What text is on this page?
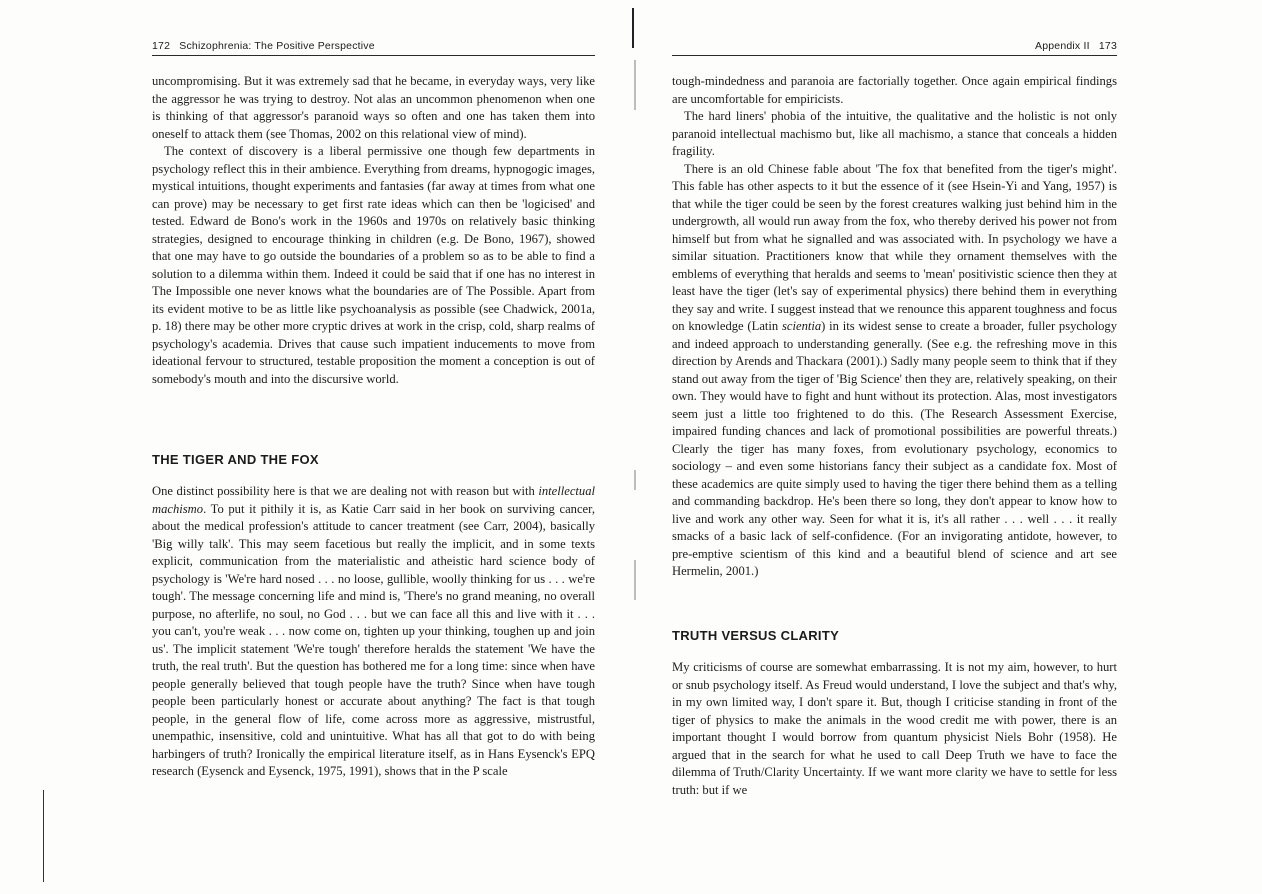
172 Schizophrenia: The Positive Perspective

uncompromising. But it was extremely sad that he became, in everyday ways, very like the aggressor he was trying to destroy. Not alas an uncommon phenomenon when one is thinking of that aggressor's paranoid ways so often and one has taken them into oneself to attack them (see Thomas, 2002 on this relational view of mind).

The context of discovery is a liberal permissive one though few departments in psychology reflect this in their ambience. Everything from dreams, hypnogogic images, mystical intuitions, thought experiments and fantasies (far away at times from what one can prove) may be necessary to get first rate ideas which can then be 'logicised' and tested. Edward de Bono's work in the 1960s and 1970s on relatively basic thinking strategies, designed to encourage thinking in children (e.g. De Bono, 1967), showed that one may have to go outside the boundaries of a problem so as to be able to find a solution to a dilemma within them. Indeed it could be said that if one has no interest in The Impossible one never knows what the boundaries are of The Possible. Apart from its evident motive to be as little like psychoanalysis as possible (see Chadwick, 2001a, p. 18) there may be other more cryptic drives at work in the crisp, cold, sharp realms of psychology's academia. Drives that cause such impatient inducements to move from ideational fervour to structured, testable proposition the moment a conception is out of somebody's mouth and into the discursive world.

THE TIGER AND THE FOX

One distinct possibility here is that we are dealing not with reason but with intellectual machismo. To put it pithily it is, as Katie Carr said in her book on surviving cancer, about the medical profession's attitude to cancer treatment (see Carr, 2004), basically 'Big willy talk'. This may seem facetious but really the implicit, and in some texts explicit, communication from the materialistic and atheistic hard science body of psychology is 'We're hard nosed . . . no loose, gullible, woolly thinking for us . . . we're tough'. The message concerning life and mind is, 'There's no grand meaning, no overall purpose, no afterlife, no soul, no God . . . but we can face all this and live with it . . . you can't, you're weak . . . now come on, tighten up your thinking, toughen up and join us'. The implicit statement 'We're tough' therefore heralds the statement 'We have the truth, the real truth'. But the question has bothered me for a long time: since when have people generally believed that tough people have the truth? Since when have tough people been particularly honest or accurate about anything? The fact is that tough people, in the general flow of life, come across more as aggressive, mistrustful, unempathic, insensitive, cold and unintuitive. What has all that got to do with being harbingers of truth? Ironically the empirical literature itself, as in Hans Eysenck's EPQ research (Eysenck and Eysenck, 1975, 1991), shows that in the P scale

Appendix II 173

tough-mindedness and paranoia are factorially together. Once again empirical findings are uncomfortable for empiricists.

The hard liners' phobia of the intuitive, the qualitative and the holistic is not only paranoid intellectual machismo but, like all machismo, a stance that conceals a hidden fragility.

There is an old Chinese fable about 'The fox that benefited from the tiger's might'. This fable has other aspects to it but the essence of it (see Hsein-Yi and Yang, 1957) is that while the tiger could be seen by the forest creatures walking just behind him in the undergrowth, all would run away from the fox, who thereby derived his power not from himself but from what he signalled and was associated with. In psychology we have a similar situation. Practitioners know that while they ornament themselves with the emblems of everything that heralds and seems to 'mean' positivistic science then they at least have the tiger (let's say of experimental physics) there behind them in everything they say and write. I suggest instead that we renounce this apparent toughness and focus on knowledge (Latin scientia) in its widest sense to create a broader, fuller psychology and indeed approach to understanding generally. (See e.g. the refreshing move in this direction by Arends and Thackara (2001).) Sadly many people seem to think that if they stand out away from the tiger of 'Big Science' then they are, relatively speaking, on their own. They would have to fight and hunt without its protection. Alas, most investigators seem just a little too frightened to do this. (The Research Assessment Exercise, impaired funding chances and lack of promotional possibilities are powerful threats.) Clearly the tiger has many foxes, from evolutionary psychology, economics to sociology – and even some historians fancy their subject as a candidate fox. Most of these academics are quite simply used to having the tiger there behind them as a telling and commanding backdrop. He's been there so long, they don't appear to know how to live and work any other way. Seen for what it is, it's all rather . . . well . . . it really smacks of a basic lack of self-confidence. (For an invigorating antidote, however, to pre-emptive scientism of this kind and a beautiful blend of science and art see Hermelin, 2001.)

TRUTH VERSUS CLARITY

My criticisms of course are somewhat embarrassing. It is not my aim, however, to hurt or snub psychology itself. As Freud would understand, I love the subject and that's why, in my own limited way, I don't spare it. But, though I criticise standing in front of the tiger of physics to make the animals in the wood credit me with power, there is an important thought I would borrow from quantum physicist Niels Bohr (1958). He argued that in the search for what he used to call Deep Truth we have to face the dilemma of Truth/Clarity Uncertainty. If we want more clarity we have to settle for less truth: but if we
